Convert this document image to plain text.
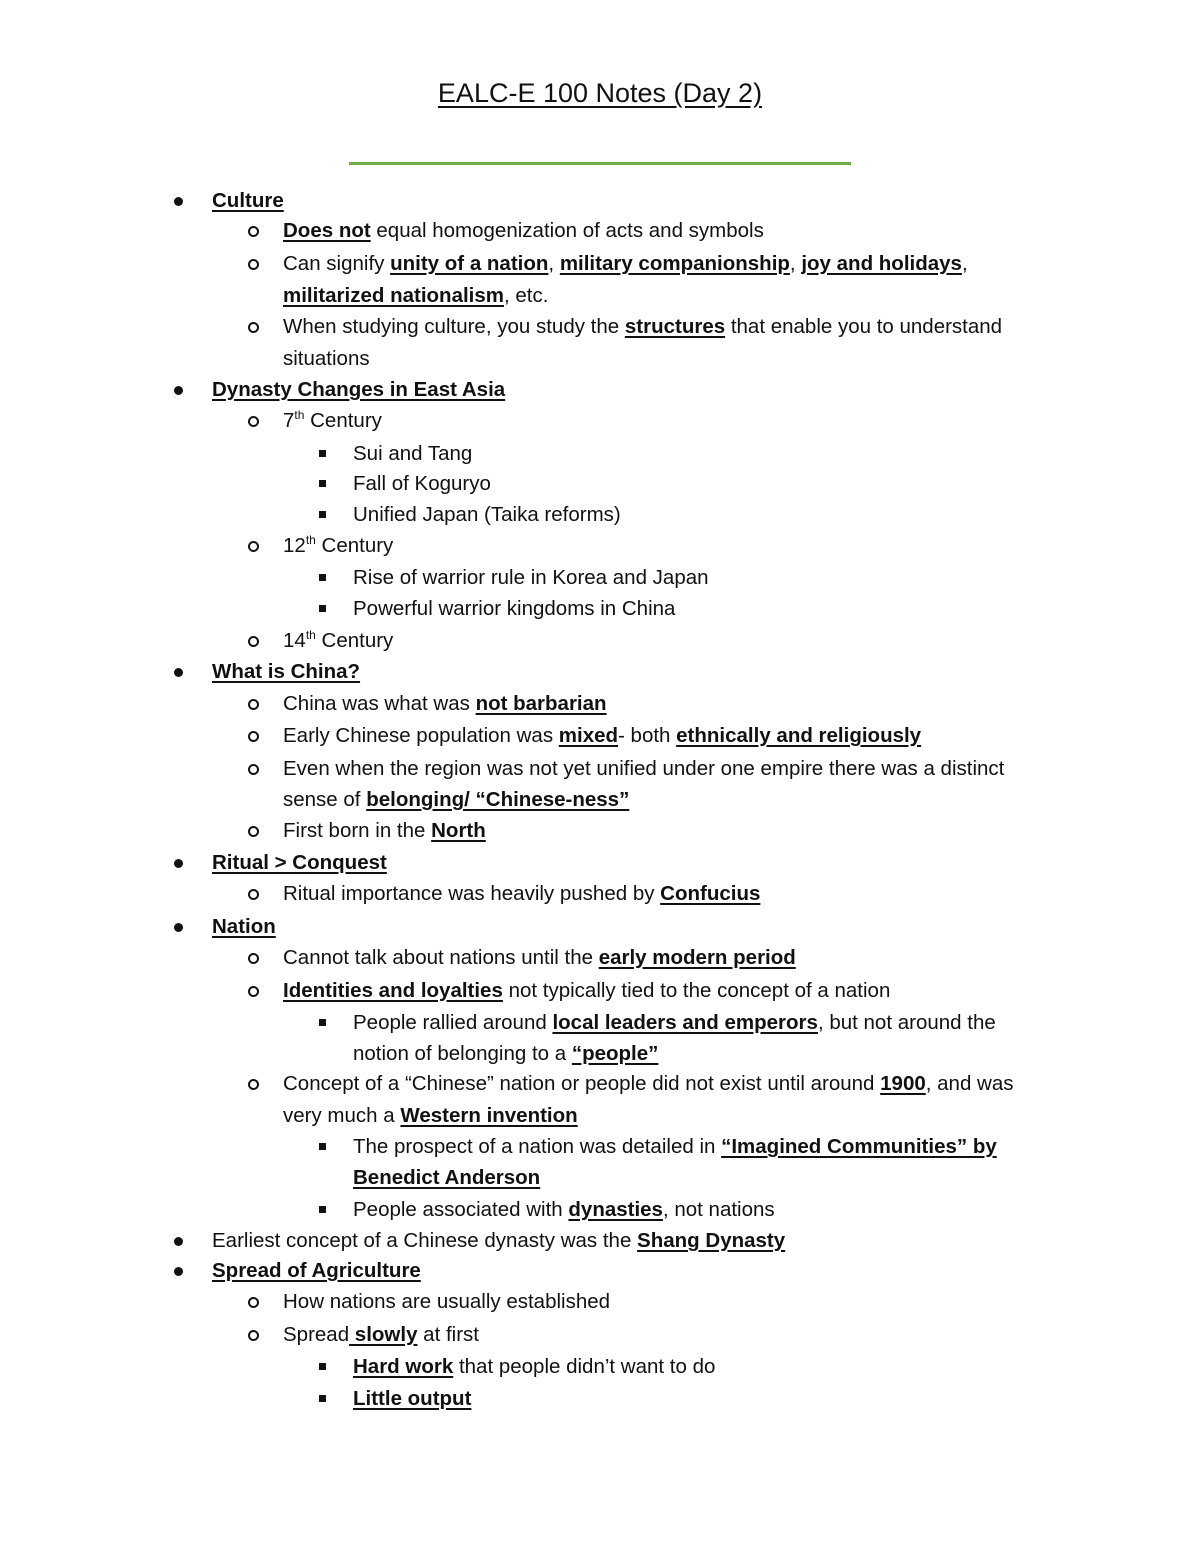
EALC-E 100 Notes (Day 2)
Culture
Does not equal homogenization of acts and symbols
Can signify unity of a nation, military companionship, joy and holidays,
militarized nationalism, etc.
When studying culture, you study the structures that enable you to understand
situations
Dynasty Changes in East Asia
7th Century
Sui and Tang
Fall of Koguryo
Unified Japan (Taika reforms)
12th Century
Rise of warrior rule in Korea and Japan
Powerful warrior kingdoms in China
14th Century
What is China?
China was what was not barbarian
Early Chinese population was mixed- both ethnically and religiously
Even when the region was not yet unified under one empire there was a distinct
sense of belonging/ “Chinese-ness”
First born in the North
Ritual > Conquest
Ritual importance was heavily pushed by Confucius
Nation
Cannot talk about nations until the early modern period
Identities and loyalties not typically tied to the concept of a nation
People rallied around local leaders and emperors, but not around the
notion of belonging to a “people”
Concept of a “Chinese” nation or people did not exist until around 1900, and was
very much a Western invention
The prospect of a nation was detailed in “Imagined Communities” by
Benedict Anderson
People associated with dynasties, not nations
Earliest concept of a Chinese dynasty was the Shang Dynasty
Spread of Agriculture
How nations are usually established
Spread slowly at first
Hard work that people didn’t want to do
Little output
